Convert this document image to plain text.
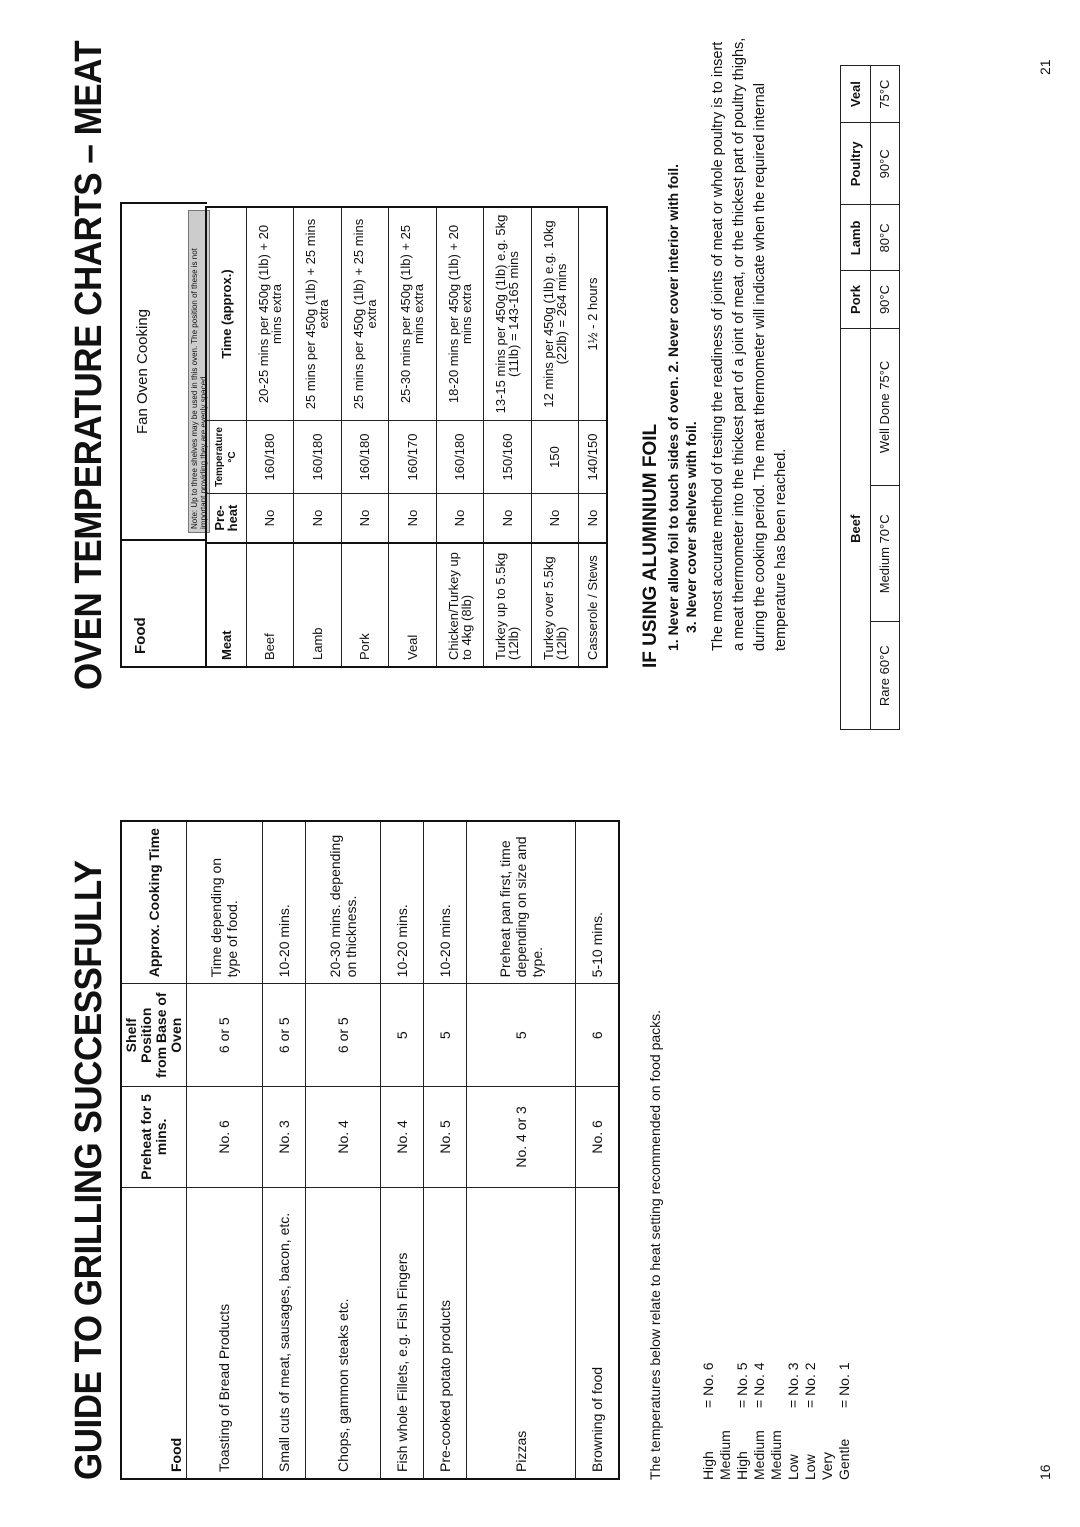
GUIDE TO GRILLING SUCCESSFULLY	Food	Preheat for 5 mins.	Shelf Position from Base of Oven	Approx. Cooking Time
Toasting of Bread Products	No. 6	6 or 5	Time depending on type of food.
Small cuts of meat, sausages, bacon, etc.	No. 3	6 or 5	10-20 mins.
Chops, gammon steaks etc.	No. 4	6 or 5	20-30 mins. depending on thickness.
Fish whole Fillets, e.g. Fish Fingers	No. 4	5	10-20 mins.
Pre-cooked potato products	No. 5	5	10-20 mins.
Pizzas	No. 4 or 3	5	Preheat pan first, time depending on size and type.
Browning of food	No. 6	6	5-10 mins.
The temperatures below relate to heat setting recommended on food packs.	High= No. 6
Medium High= No. 5
Medium= No. 4
Medium Low= No. 3
Low= No. 2
Very Gentle= No. 1
16
OVEN TEMPERATURE CHARTS – MEAT Food
Fan Oven Cooking	Note: Up to three shelves may be used in this oven. The position of these is not important providing they are evenly spaced.
Meat	Pre-heat	Temperature °C	Time (approx.)
Beef	No	160/180	20-25 mins per 450g (1lb) + 20 mins extra
Lamb	No	160/180	25 mins per 450g (1lb) + 25 mins extra
Pork	No	160/180	25 mins per 450g (1lb) + 25 mins extra
Veal	No	160/170	25-30 mins per 450g (1lb) + 25 mins extra
Chicken/Turkey up to 4kg (8lb)	No	160/180	18-20 mins per 450g (1lb) + 20 mins extra
Turkey up to 5.5kg (12lb)	No	150/160	13-15 mins per 450g (1lb) e.g. 5kg (11lb) = 143-165 mins
Turkey over 5.5kg (12lb)	No	150	12 mins per 450g (1lb) e.g. 10kg (22lb) = 264 mins
Casserole / Stews	No	140/150	1½ - 2 hours
IF USING ALUMINIUM FOIL 1. Never allow foil to touch sides of oven. 2. Never cover interior with foil. 3. Never cover shelves with foil. The most accurate method of testing the readiness of joints of meat or whole poultry is to insert a meat thermometer into the thickest part of a joint of meat, or the thickest part of poultry thighs, during the cooking period. The meat thermometer will indicate when the required internal temperature has been reached.	Beef			Pork	Lamb	Poultry	Veal
Rare 60°C	Medium 70°C	Well Done 75°C	90°C	80°C	90°C	75°C
21
